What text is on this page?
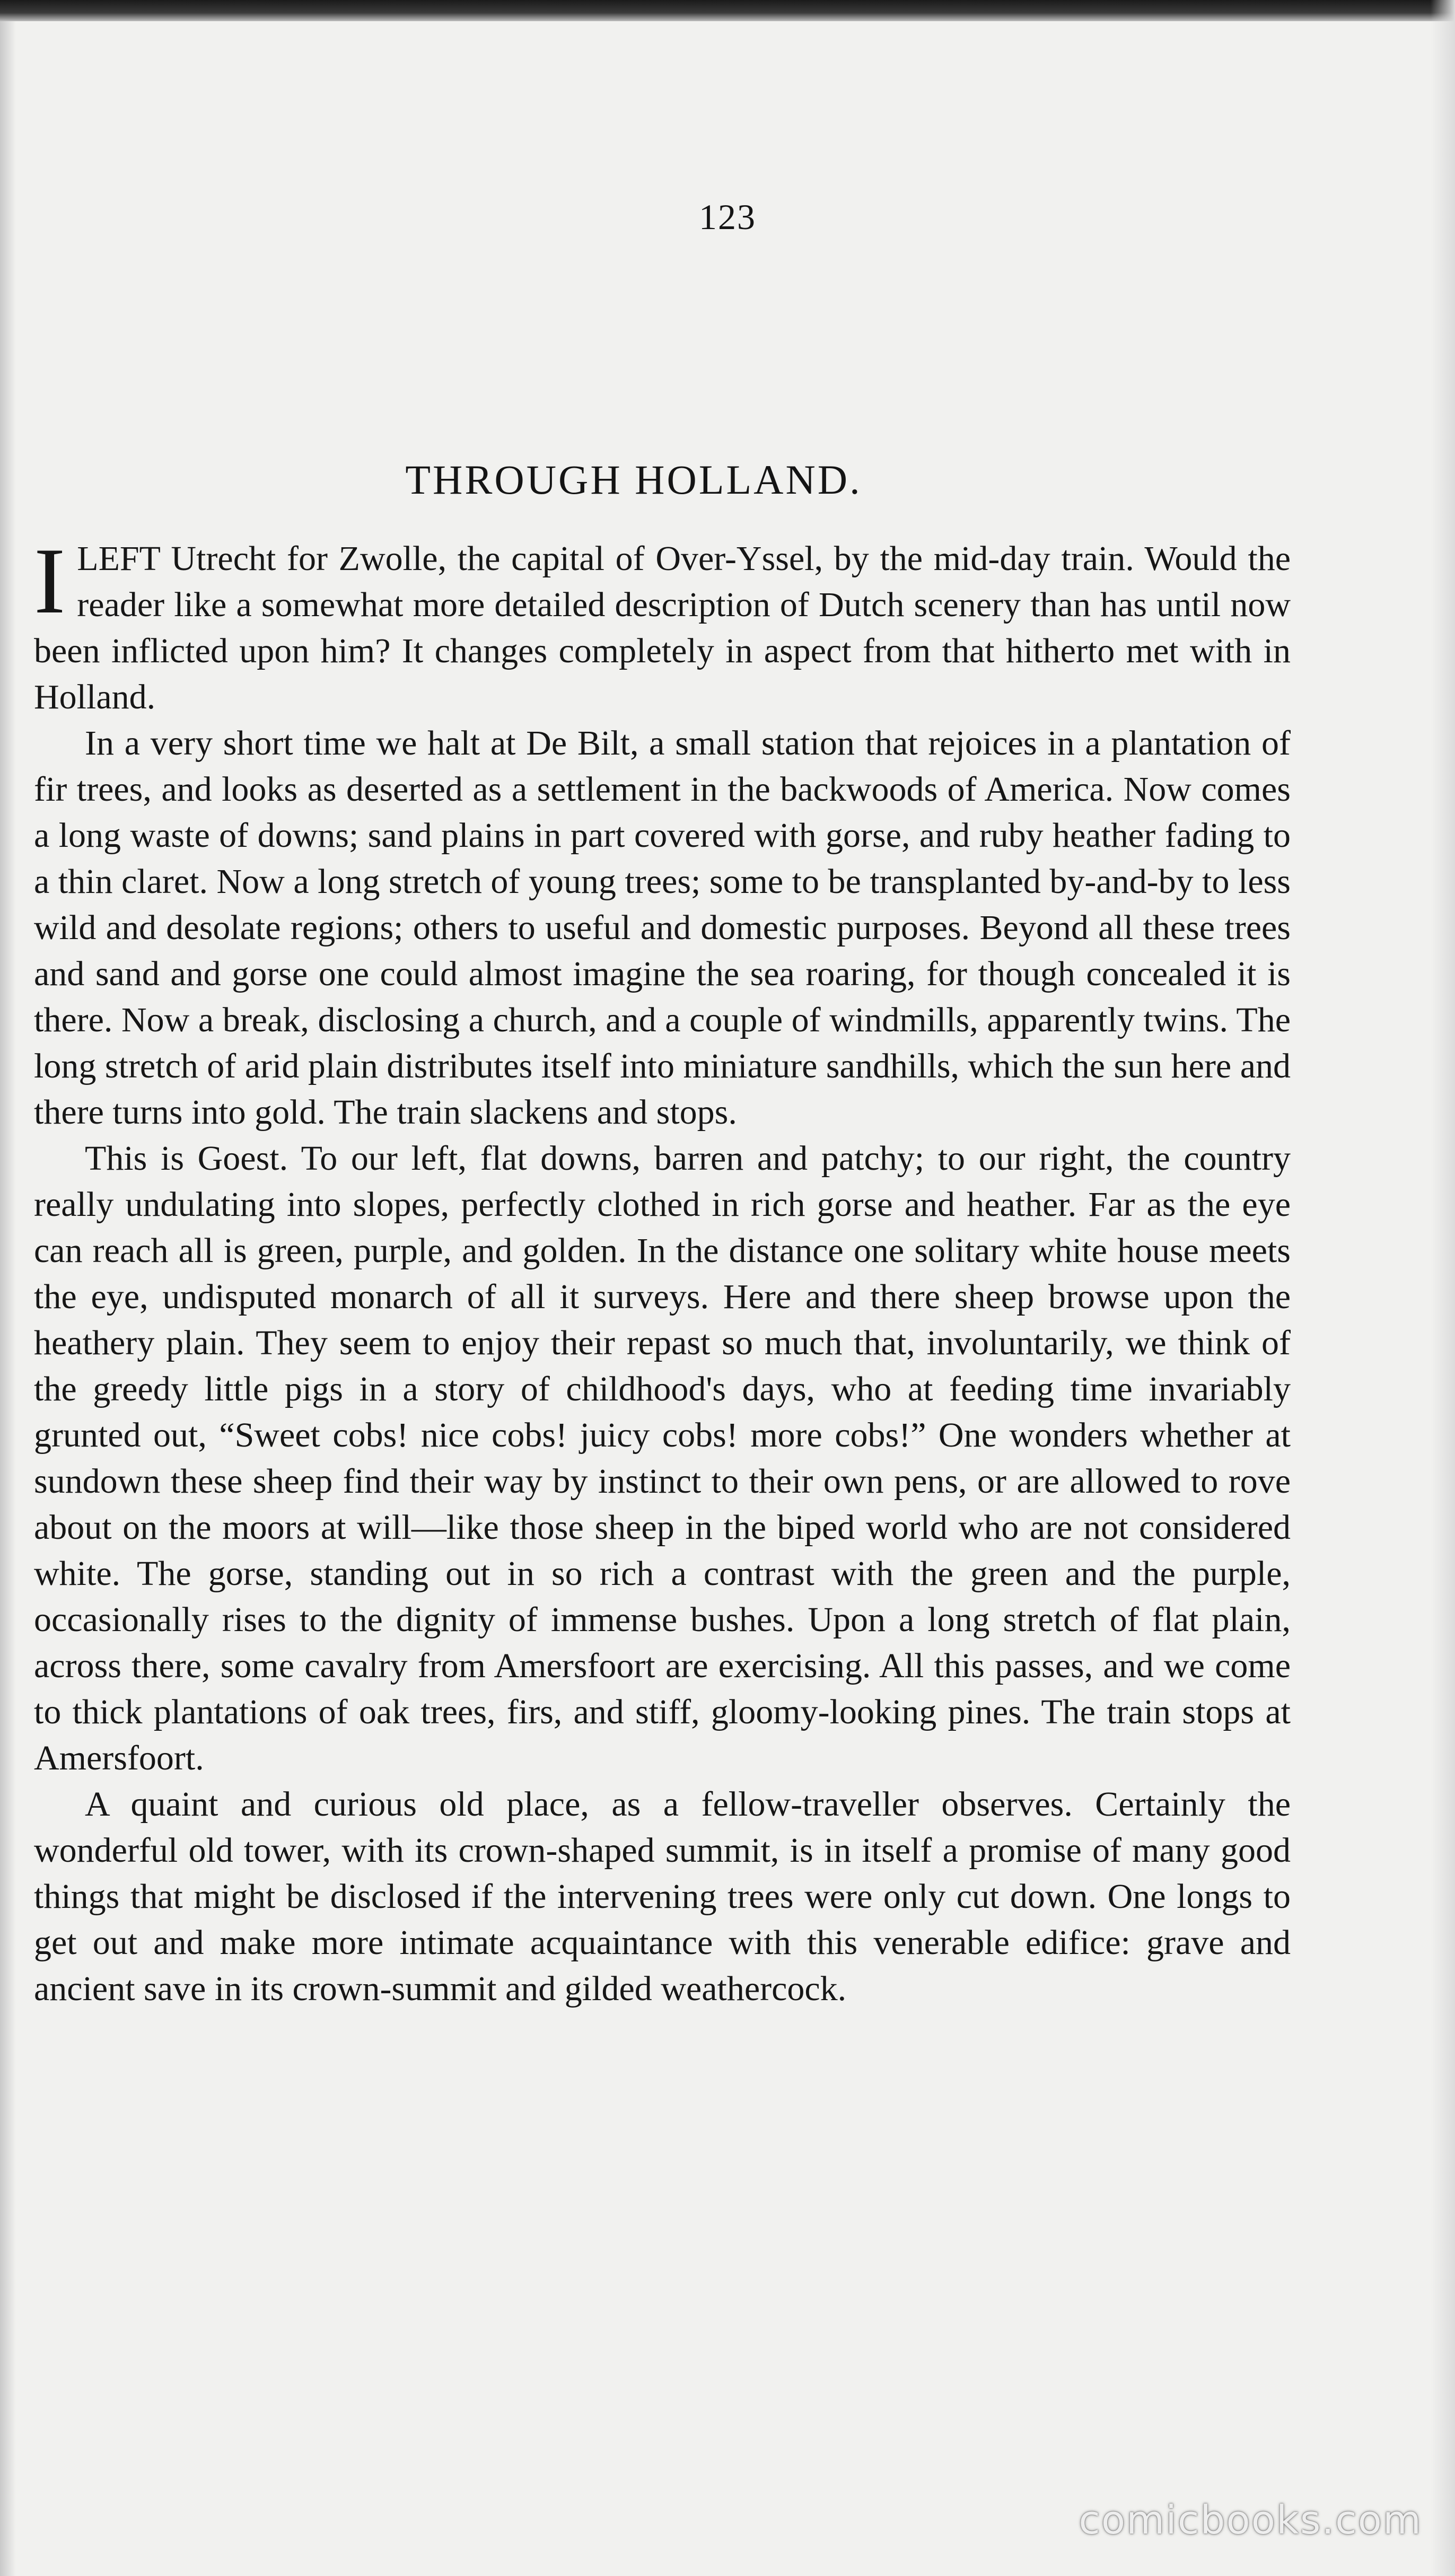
123
THROUGH HOLLAND.

ILEFT Utrecht for Zwolle, the capital of Over-Yssel, by the mid-day train. Would the reader like a somewhat more detailed description of Dutch scenery than has until now been inflicted upon him? It changes completely in aspect from that hitherto met with in Holland.

In a very short time we halt at De Bilt, a small station that rejoices in a plantation of fir trees, and looks as deserted as a settlement in the backwoods of America. Now comes a long waste of downs; sand plains in part covered with gorse, and ruby heather fading to a thin claret. Now a long stretch of young trees; some to be transplanted by-and-by to less wild and desolate regions; others to useful and domestic purposes. Beyond all these trees and sand and gorse one could almost imagine the sea roaring, for though concealed it is there. Now a break, disclosing a church, and a couple of windmills, apparently twins. The long stretch of arid plain distributes itself into miniature sandhills, which the sun here and there turns into gold. The train slackens and stops.

This is Goest. To our left, flat downs, barren and patchy; to our right, the country really undulating into slopes, perfectly clothed in rich gorse and heather. Far as the eye can reach all is green, purple, and golden. In the distance one solitary white house meets the eye, undisputed monarch of all it surveys. Here and there sheep browse upon the heathery plain. They seem to enjoy their repast so much that, involuntarily, we think of the greedy little pigs in a story of childhood's days, who at feeding time invariably grunted out, “Sweet cobs! nice cobs! juicy cobs! more cobs!” One wonders whether at sundown these sheep find their way by instinct to their own pens, or are allowed to rove about on the moors at will—like those sheep in the biped world who are not considered white. The gorse, standing out in so rich a contrast with the green and the purple, occasionally rises to the dignity of immense bushes. Upon a long stretch of flat plain, across there, some cavalry from Amersfoort are exercising. All this passes, and we come to thick plantations of oak trees, firs, and stiff, gloomy-looking pines. The train stops at Amersfoort.

A quaint and curious old place, as a fellow-traveller observes. Certainly the wonderful old tower, with its crown-shaped summit, is in itself a promise of many good things that might be disclosed if the intervening trees were only cut down. One longs to get out and make more intimate acquaintance with this venerable edifice: grave and ancient save in its crown-summit and gilded weathercock.

comicbooks.com
